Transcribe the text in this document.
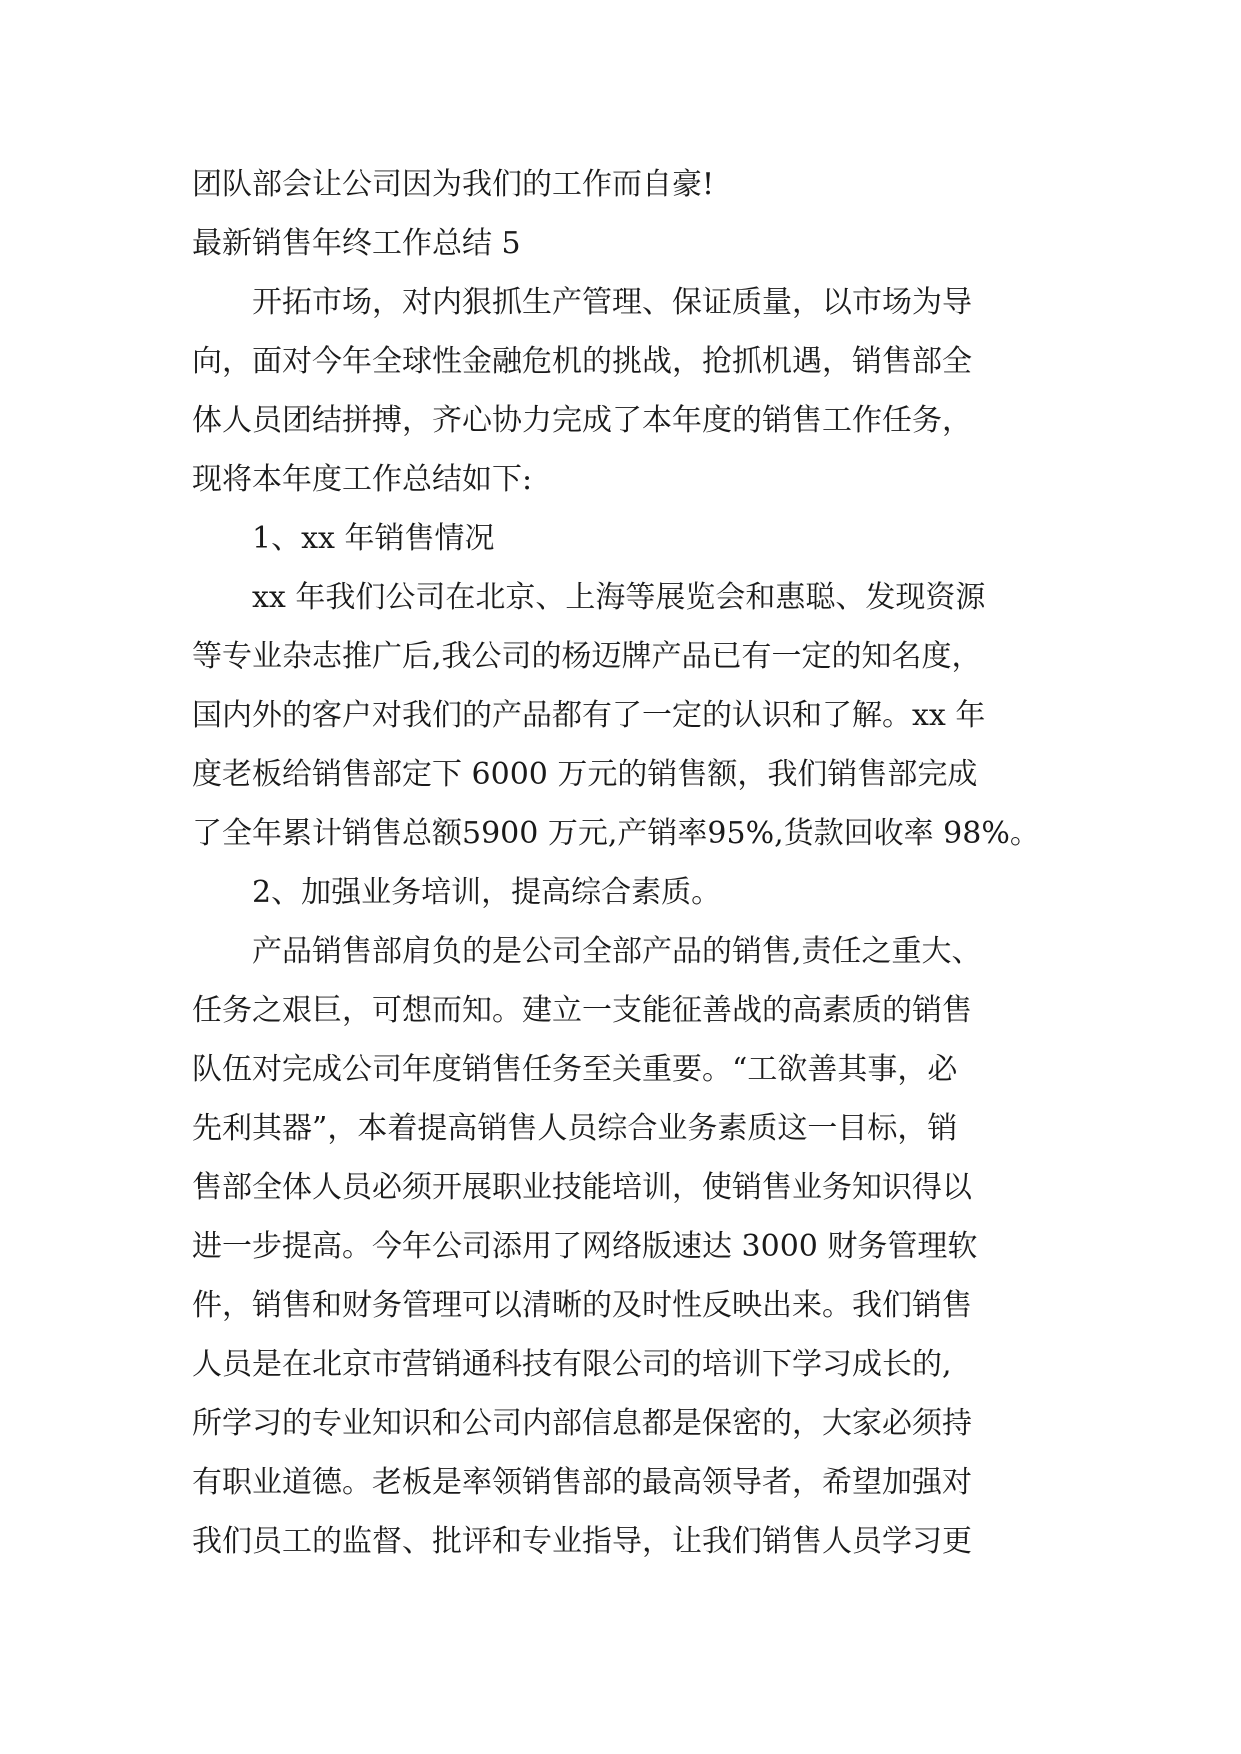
团队部会让公司因为我们的工作而自豪!
最新销售年终工作总结 5
开拓市场，对内狠抓生产管理、保证质量，以市场为导
向，面对今年全球性金融危机的挑战，抢抓机遇，销售部全
体人员团结拼搏，齐心协力完成了本年度的销售工作任务，
现将本年度工作总结如下:
1、xx 年销售情况
xx 年我们公司在北京、上海等展览会和惠聪、发现资源
等专业杂志推广后,我公司的杨迈牌产品已有一定的知名度，
国内外的客户对我们的产品都有了一定的认识和了解。xx 年
度老板给销售部定下 6000 万元的销售额，我们销售部完成
了全年累计销售总额5900 万元,产销率95%,货款回收率 98%。
2、加强业务培训，提高综合素质。
产品销售部肩负的是公司全部产品的销售,责任之重大、
任务之艰巨，可想而知。建立一支能征善战的高素质的销售
队伍对完成公司年度销售任务至关重要。“工欲善其事，必
先利其器”，本着提高销售人员综合业务素质这一目标，销
售部全体人员必须开展职业技能培训，使销售业务知识得以
进一步提高。今年公司添用了网络版速达 3000 财务管理软
件，销售和财务管理可以清晰的及时性反映出来。我们销售
人员是在北京市营销通科技有限公司的培训下学习成长的,
所学习的专业知识和公司内部信息都是保密的，大家必须持
有职业道德。老板是率领销售部的最高领导者，希望加强对
我们员工的监督、批评和专业指导，让我们销售人员学习更
